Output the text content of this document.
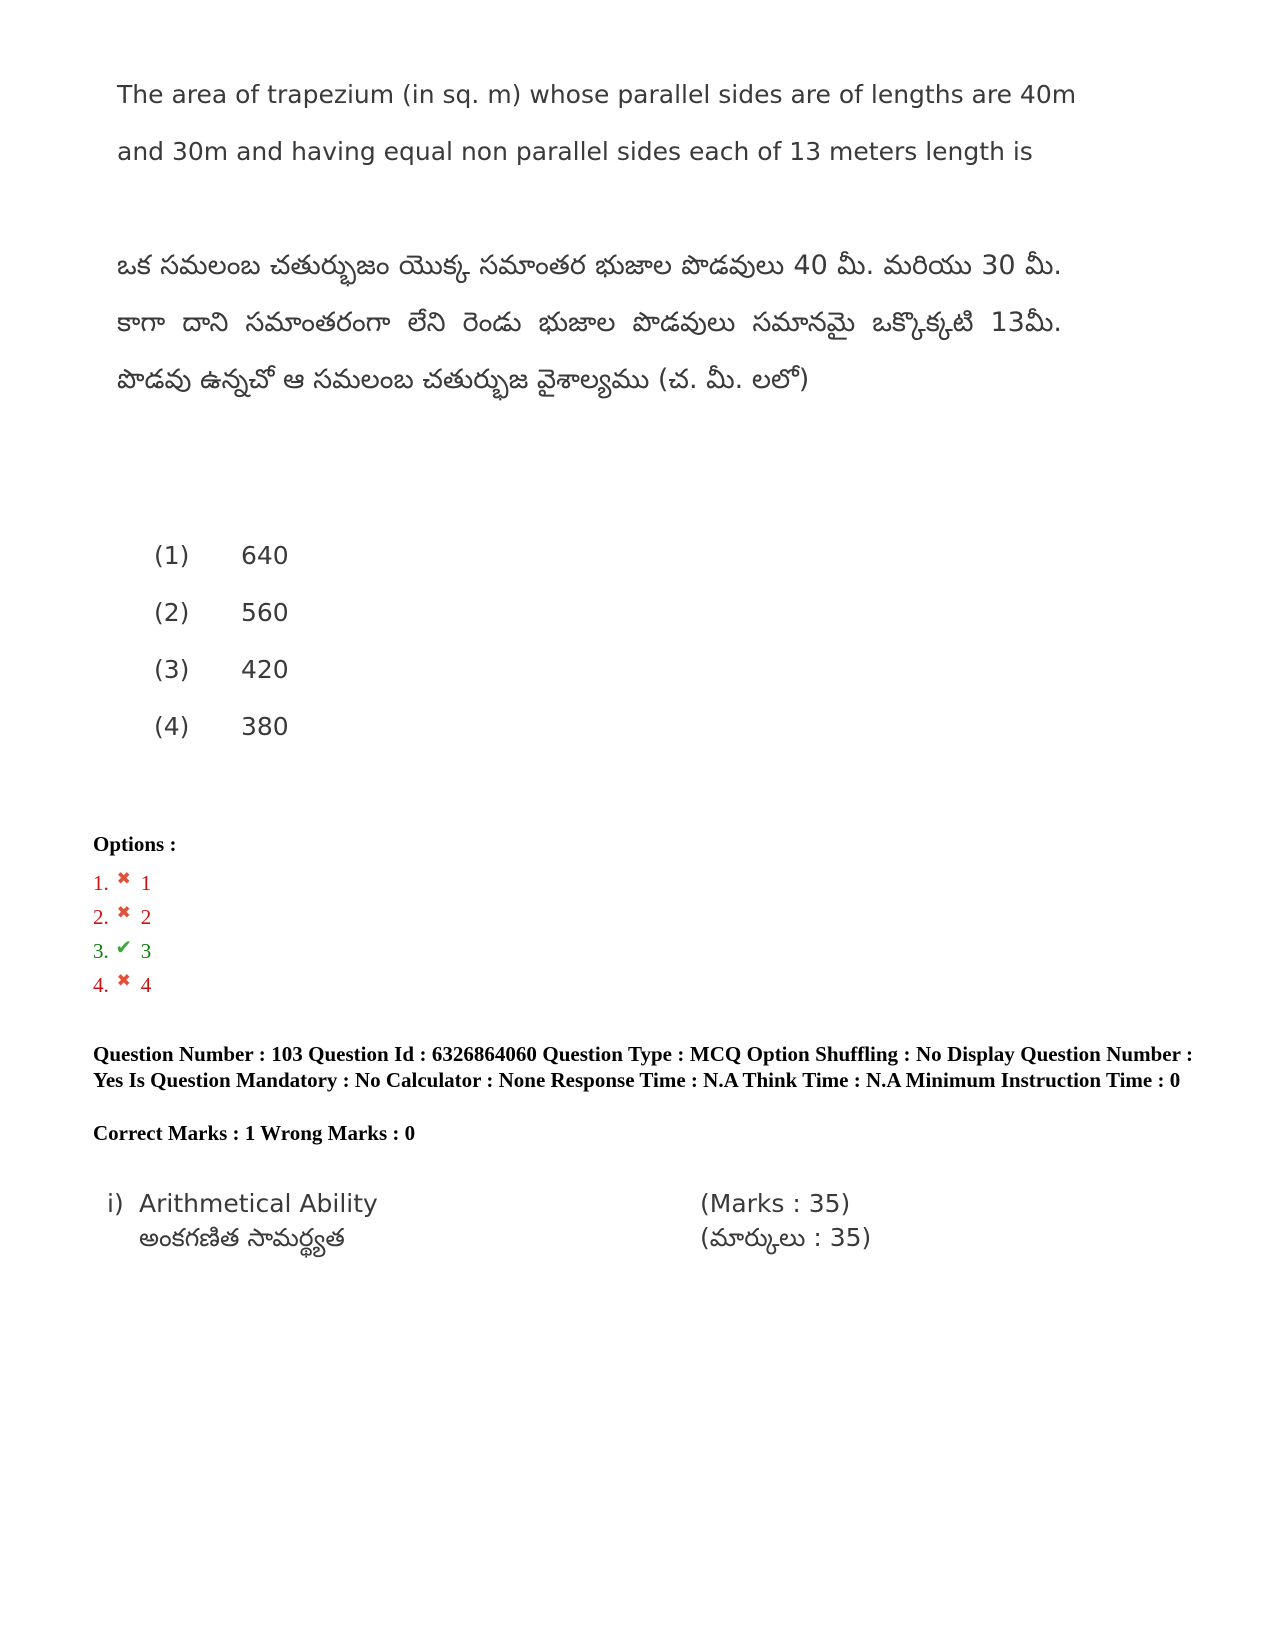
The area of trapezium (in sq. m) whose parallel sides are of lengths are 40m and 30m and having equal non parallel sides each of 13 meters length is
ఒక సమలంబ చతుర్భుజం యొక్క సమాంతర భుజాల పొడవులు 40 మీ. మరియు 30 మీ. కాగా దాని సమాంతరంగా లేని రెండు భుజాల పొడవులు సమానమై ఒక్కొక్కటి 13మీ. పొడవు ఉన్నచో ఆ సమలంబ చతుర్భుజ వైశాల్యము (చ. మీ. లలో)
(1)	640
(2)	560
(3)	420
(4)	380
Options :
1. ✖ 1
2. ✖ 2
3. ✔ 3
4. ✖ 4
Question Number : 103 Question Id : 6326864060 Question Type : MCQ Option Shuffling : No Display Question Number : Yes Is Question Mandatory : No Calculator : None Response Time : N.A Think Time : N.A Minimum Instruction Time : 0
Correct Marks : 1 Wrong Marks : 0
i) Arithmetical Ability	(Marks : 35)
అంకగణిత సామర్థ్యత	(మార్కులు : 35)
